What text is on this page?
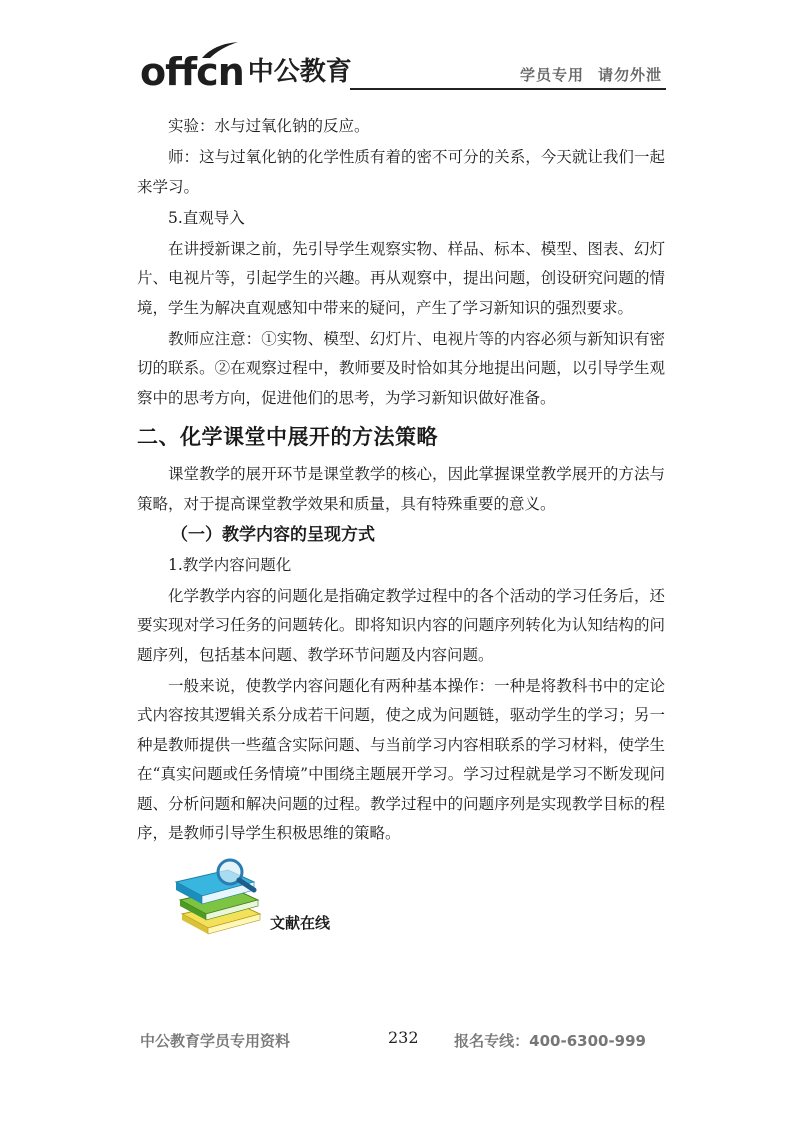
offcn 中公教育	学员专用 请勿外泄

实验：水与过氧化钠的反应。

师：这与过氧化钠的化学性质有着的密不可分的关系，今天就让我们一起来学习。

5.直观导入

在讲授新课之前，先引导学生观察实物、样品、标本、模型、图表、幻灯片、电视片等，引起学生的兴趣。再从观察中，提出问题，创设研究问题的情境，学生为解决直观感知中带来的疑问，产生了学习新知识的强烈要求。

教师应注意：①实物、模型、幻灯片、电视片等的内容必须与新知识有密切的联系。②在观察过程中，教师要及时恰如其分地提出问题，以引导学生观察中的思考方向，促进他们的思考，为学习新知识做好准备。

二、化学课堂中展开的方法策略

课堂教学的展开环节是课堂教学的核心，因此掌握课堂教学展开的方法与策略，对于提高课堂教学效果和质量，具有特殊重要的意义。

（一）教学内容的呈现方式

1.教学内容问题化

化学教学内容的问题化是指确定教学过程中的各个活动的学习任务后，还要实现对学习任务的问题转化。即将知识内容的问题序列转化为认知结构的问题序列，包括基本问题、教学环节问题及内容问题。

一般来说，使教学内容问题化有两种基本操作：一种是将教科书中的定论式内容按其逻辑关系分成若干问题，使之成为问题链，驱动学生的学习；另一种是教师提供一些蕴含实际问题、与当前学习内容相联系的学习材料，使学生在“真实问题或任务情境”中围绕主题展开学习。学习过程就是学习不断发现问题、分析问题和解决问题的过程。教学过程中的问题序列是实现教学目标的程序，是教师引导学生积极思维的策略。

文献在线
中公教育学员专用资料	232 报名专线：400-6300-999
